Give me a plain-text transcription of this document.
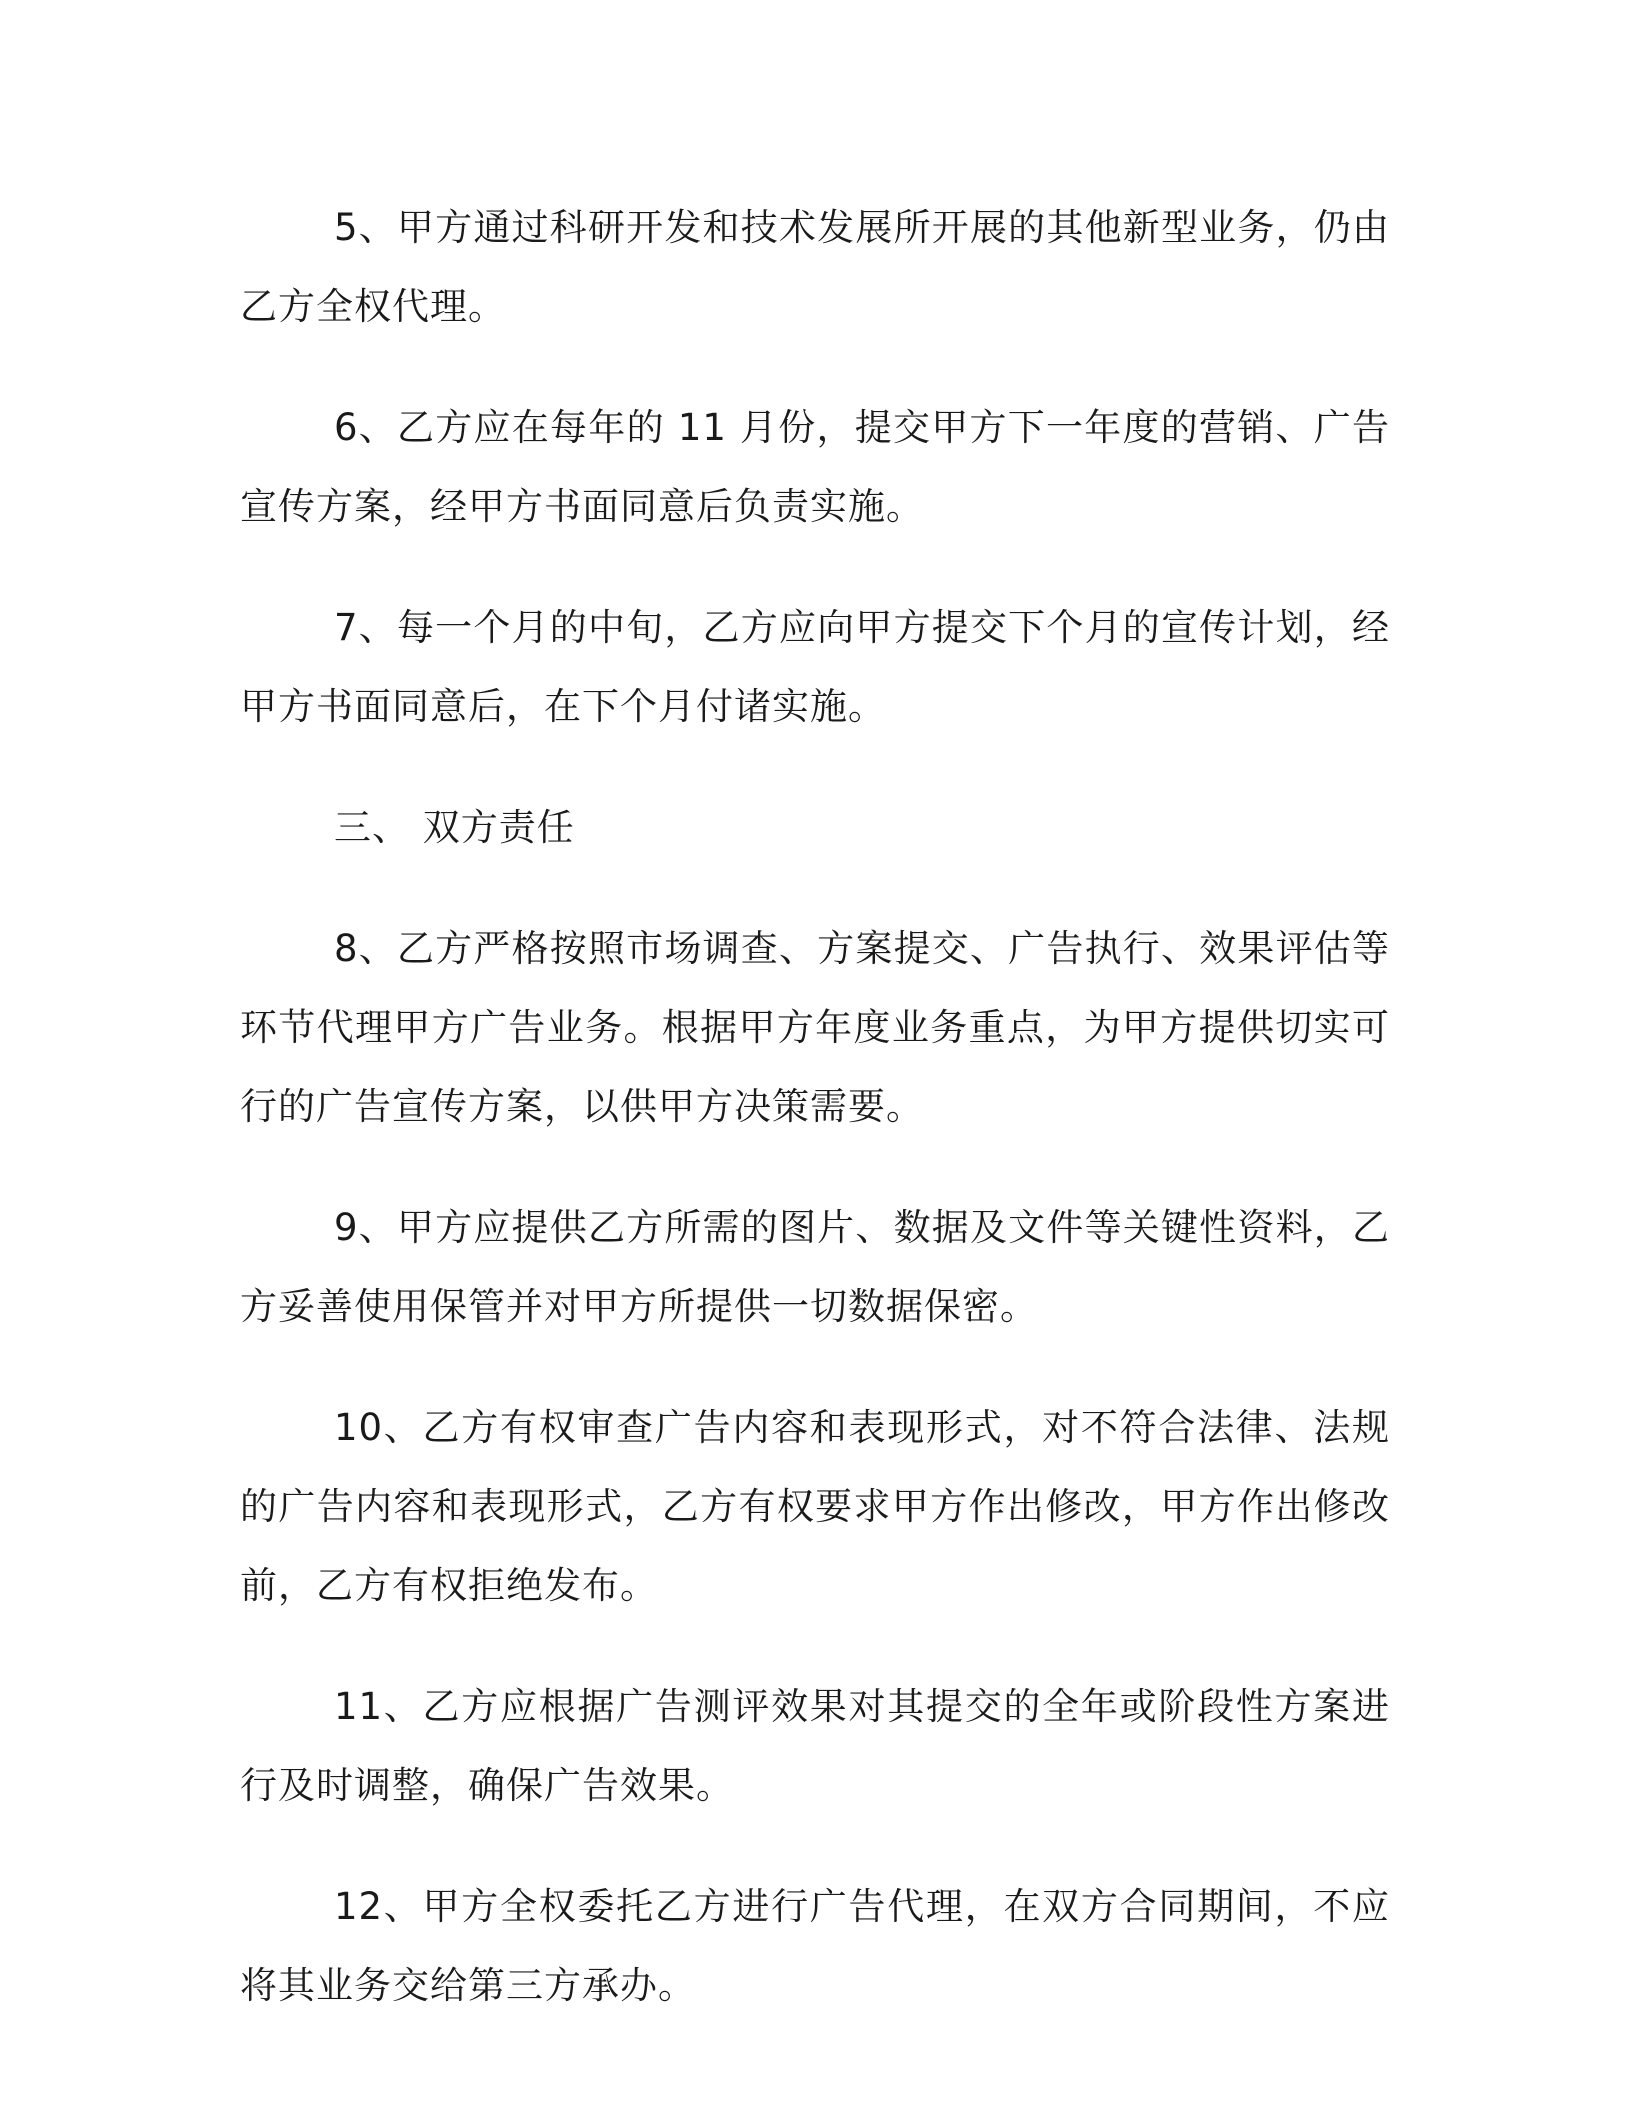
5、甲方通过科研开发和技术发展所开展的其他新型业务，仍由乙方全权代理。

6、乙方应在每年的 11 月份，提交甲方下一年度的营销、广告宣传方案，经甲方书面同意后负责实施。

7、每一个月的中旬，乙方应向甲方提交下个月的宣传计划，经甲方书面同意后，在下个月付诸实施。

三、 双方责任

8、乙方严格按照市场调查、方案提交、广告执行、效果评估等环节代理甲方广告业务。根据甲方年度业务重点，为甲方提供切实可行的广告宣传方案，以供甲方决策需要。

9、甲方应提供乙方所需的图片、数据及文件等关键性资料，乙方妥善使用保管并对甲方所提供一切数据保密。

10、乙方有权审查广告内容和表现形式，对不符合法律、法规的广告内容和表现形式，乙方有权要求甲方作出修改，甲方作出修改前，乙方有权拒绝发布。

11、乙方应根据广告测评效果对其提交的全年或阶段性方案进行及时调整，确保广告效果。

12、甲方全权委托乙方进行广告代理，在双方合同期间，不应将其业务交给第三方承办。
